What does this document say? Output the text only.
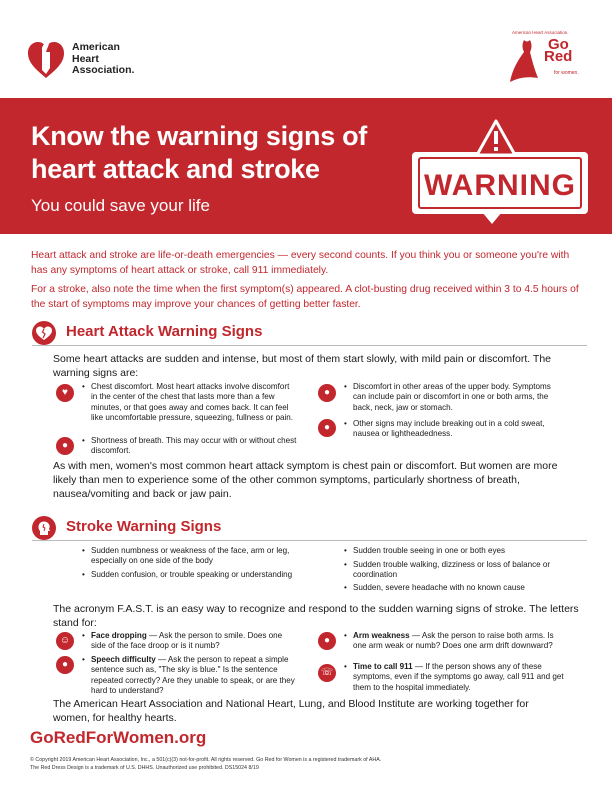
American
Heart
Association.
American Heart Association.
Go
Red
for women.
Know the warning signs of
heart attack and stroke
You could save your life
WARNING
Heart attack and stroke are life-or-death emergencies — every second counts. If you think you or someone you're with has any symptoms of heart attack or stroke, call 911 immediately.
For a stroke, also note the time when the first symptom(s) appeared. A clot-busting drug received within 3 to 4.5 hours of the start of symptoms may improve your chances of getting better faster.
Heart Attack Warning Signs
Some heart attacks are sudden and intense, but most of them start slowly, with mild pain or discomfort. The warning signs are:
♥
• Chest discomfort. Most heart attacks involve discomfort in the center of the chest that lasts more than a few minutes, or that goes away and comes back. It can feel like uncomfortable pressure, squeezing, fullness or pain.
●	• Shortness of breath. This may occur with or without chest discomfort.
●
• Discomfort in other areas of the upper body. Symptoms can include pain or discomfort in one or both arms, the back, neck, jaw or stomach.
●	• Other signs may include breaking out in a cold sweat, nausea or lightheadedness.
As with men, women's most common heart attack symptom is chest pain or discomfort. But women are more likely than men to experience some of the other common symptoms, particularly shortness of breath, nausea/vomiting and back or jaw pain.
Stroke Warning Signs
• Sudden numbness or weakness of the face, arm or leg, especially on one side of the body
• Sudden confusion, or trouble speaking or understanding
• Sudden trouble seeing in one or both eyes
• Sudden trouble walking, dizziness or loss of balance or coordination
• Sudden, severe headache with no known cause
The acronym F.A.S.T. is an easy way to recognize and respond to the sudden warning signs of stroke. The letters stand for:
☺	• Face dropping — Ask the person to smile. Does one side of the face droop or is it numb?
●	• Speech difficulty — Ask the person to repeat a simple sentence such as, "The sky is blue." Is the sentence repeated correctly? Are they unable to speak, or are they hard to understand?
●	• Arm weakness — Ask the person to raise both arms. Is one arm weak or numb? Does one arm drift downward?
☏
• Time to call 911 — If the person shows any of these symptoms, even if the symptoms go away, call 911 and get them to the hospital immediately.
The American Heart Association and National Heart, Lung, and Blood Institute are working together for women, for healthy hearts.
GoRedForWomen.org
© Copyright 2019 American Heart Association, Inc., a 501(c)(3) not-for-profit. All rights reserved. Go Red for Women is a registered trademark of AHA.
The Red Dress Design is a trademark of U.S. DHHS. Unauthorized use prohibited. DS15024 8/19
